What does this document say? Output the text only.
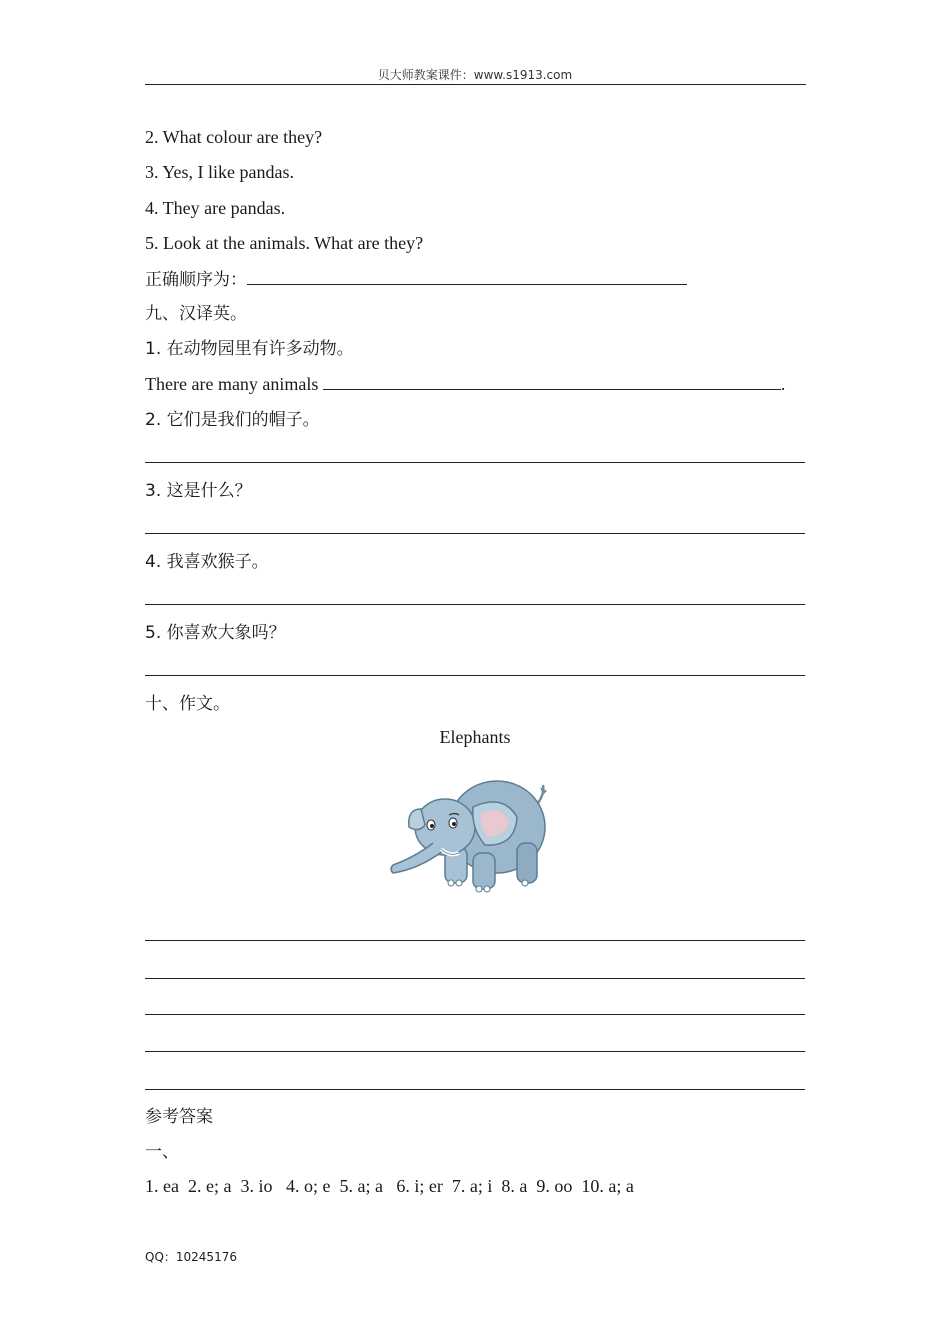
贝大师教案课件：www.s1913.com
2. What colour are they?
3. Yes, I like pandas.
4. They are pandas.
5. Look at the animals. What are they?
正确顺序为：
九、汉译英。
1. 在动物园里有许多动物。
There are many animals	.
2. 它们是我们的帽子。
3. 这是什么？
4. 我喜欢猴子。
5. 你喜欢大象吗？
十、作文。
Elephants
参考答案
一、
1. ea  2. e; a  3. io   4. o; e  5. a; a   6. i; er  7. a; i  8. a  9. oo  10. a; a
QQ：10245176
